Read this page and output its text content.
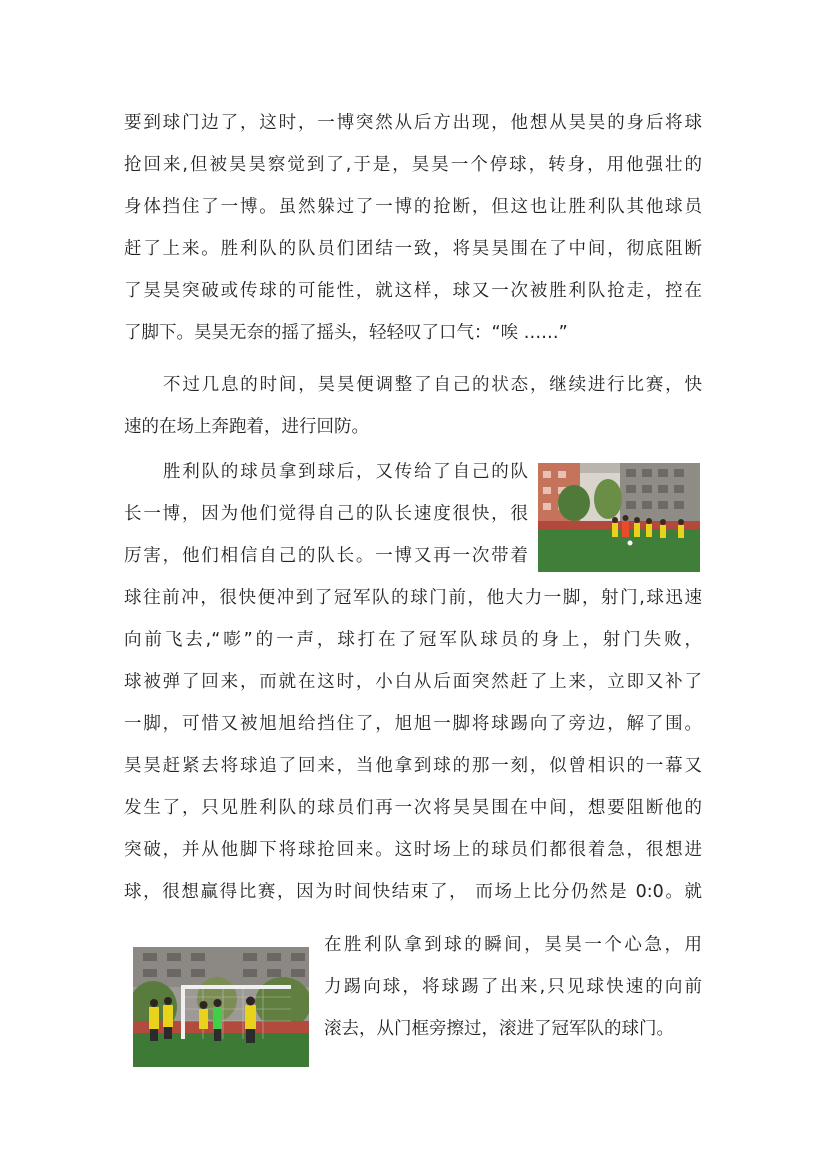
要到球门边了，这时，一博突然从后方出现，他想从昊昊的身后将球

抢回来,但被昊昊察觉到了,于是，昊昊一个停球，转身，用他强壮的

身体挡住了一博。虽然躲过了一博的抢断，但这也让胜利队其他球员

赶了上来。胜利队的队员们团结一致，将昊昊围在了中间，彻底阻断

了昊昊突破或传球的可能性，就这样，球又一次被胜利队抢走，控在

了脚下。昊昊无奈的摇了摇头，轻轻叹了口气：“唉 ……”

不过几息的时间，昊昊便调整了自己的状态，继续进行比赛，快

速的在场上奔跑着，进行回防。

胜利队的球员拿到球后，又传给了自己的队

长一博，因为他们觉得自己的队长速度很快，很

厉害，他们相信自己的队长。一博又再一次带着

球往前冲，很快便冲到了冠军队的球门前，他大力一脚，射门,球迅速

向前飞去,“嘭”的一声，球打在了冠军队球员的身上，射门失败，

球被弹了回来，而就在这时，小白从后面突然赶了上来，立即又补了

一脚，可惜又被旭旭给挡住了，旭旭一脚将球踢向了旁边，解了围。

昊昊赶紧去将球追了回来，当他拿到球的那一刻，似曾相识的一幕又

发生了，只见胜利队的球员们再一次将昊昊围在中间，想要阻断他的

突破，并从他脚下将球抢回来。这时场上的球员们都很着急，很想进

球，很想赢得比赛，因为时间快结束了， 而场上比分仍然是 0:0。就

在胜利队拿到球的瞬间，昊昊一个心急，用

力踢向球，将球踢了出来,只见球快速的向前

滚去，从门框旁擦过，滚进了冠军队的球门。
